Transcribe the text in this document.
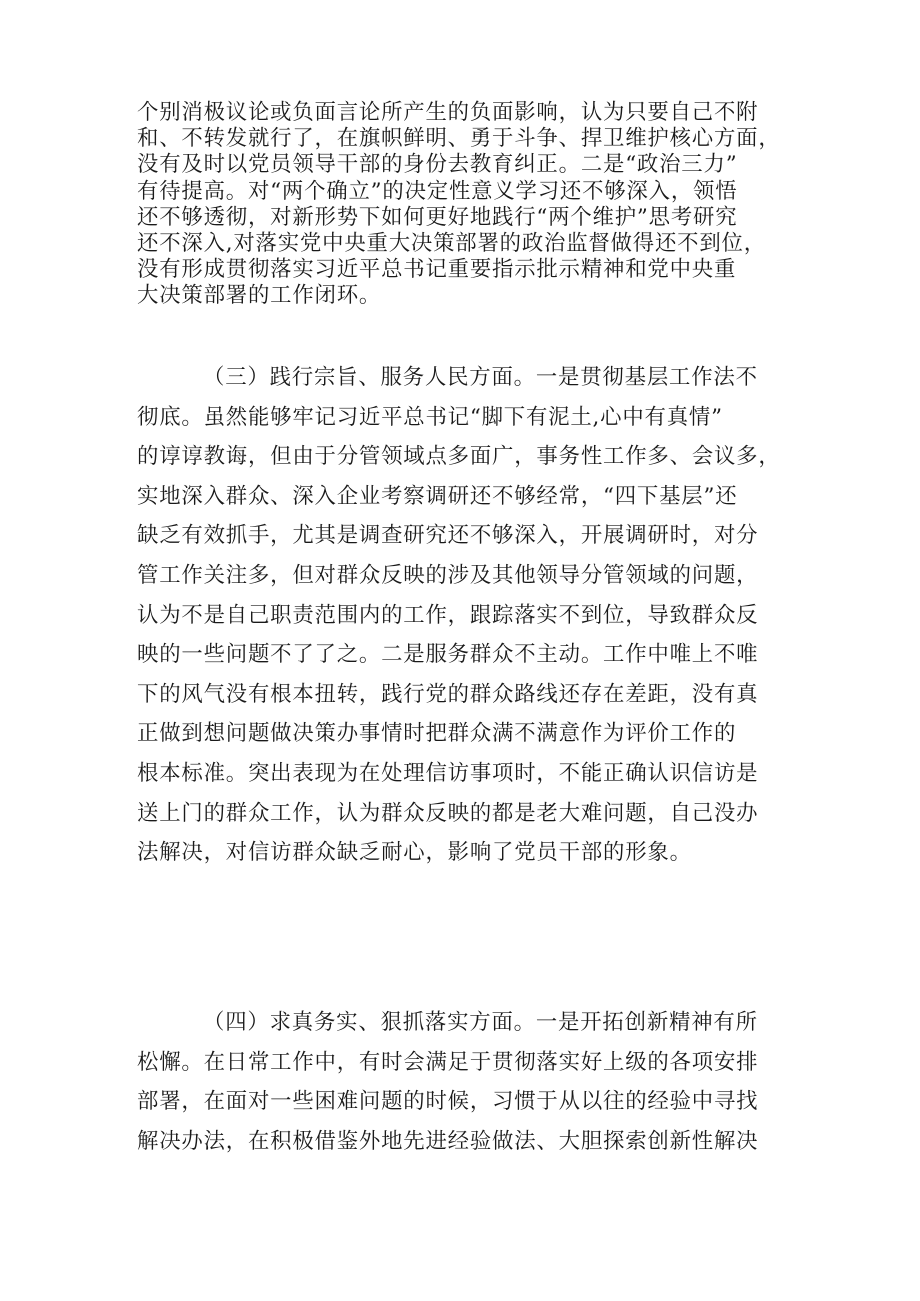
个别消极议论或负面言论所产生的负面影响，认为只要自己不附
和、不转发就行了，在旗帜鲜明、勇于斗争、捍卫维护核心方面，
没有及时以党员领导干部的身份去教育纠正。二是“政治三力”
有待提高。对“两个确立”的决定性意义学习还不够深入，领悟
还不够透彻，对新形势下如何更好地践行“两个维护”思考研究
还不深入,对落实党中央重大决策部署的政治监督做得还不到位，
没有形成贯彻落实习近平总书记重要指示批示精神和党中央重
大决策部署的工作闭环。
（三）践行宗旨、服务人民方面。一是贯彻基层工作法不
彻底。虽然能够牢记习近平总书记“脚下有泥土,心中有真情”
的谆谆教诲，但由于分管领域点多面广，事务性工作多、会议多，
实地深入群众、深入企业考察调研还不够经常，“四下基层”还
缺乏有效抓手，尤其是调查研究还不够深入，开展调研时，对分
管工作关注多，但对群众反映的涉及其他领导分管领域的问题，
认为不是自己职责范围内的工作，跟踪落实不到位，导致群众反
映的一些问题不了了之。二是服务群众不主动。工作中唯上不唯
下的风气没有根本扭转，践行党的群众路线还存在差距，没有真
正做到想问题做决策办事情时把群众满不满意作为评价工作的
根本标准。突出表现为在处理信访事项时，不能正确认识信访是
送上门的群众工作，认为群众反映的都是老大难问题，自己没办
法解决，对信访群众缺乏耐心，影响了党员干部的形象。
（四）求真务实、狠抓落实方面。一是开拓创新精神有所
松懈。在日常工作中，有时会满足于贯彻落实好上级的各项安排
部署，在面对一些困难问题的时候，习惯于从以往的经验中寻找
解决办法，在积极借鉴外地先进经验做法、大胆探索创新性解决
